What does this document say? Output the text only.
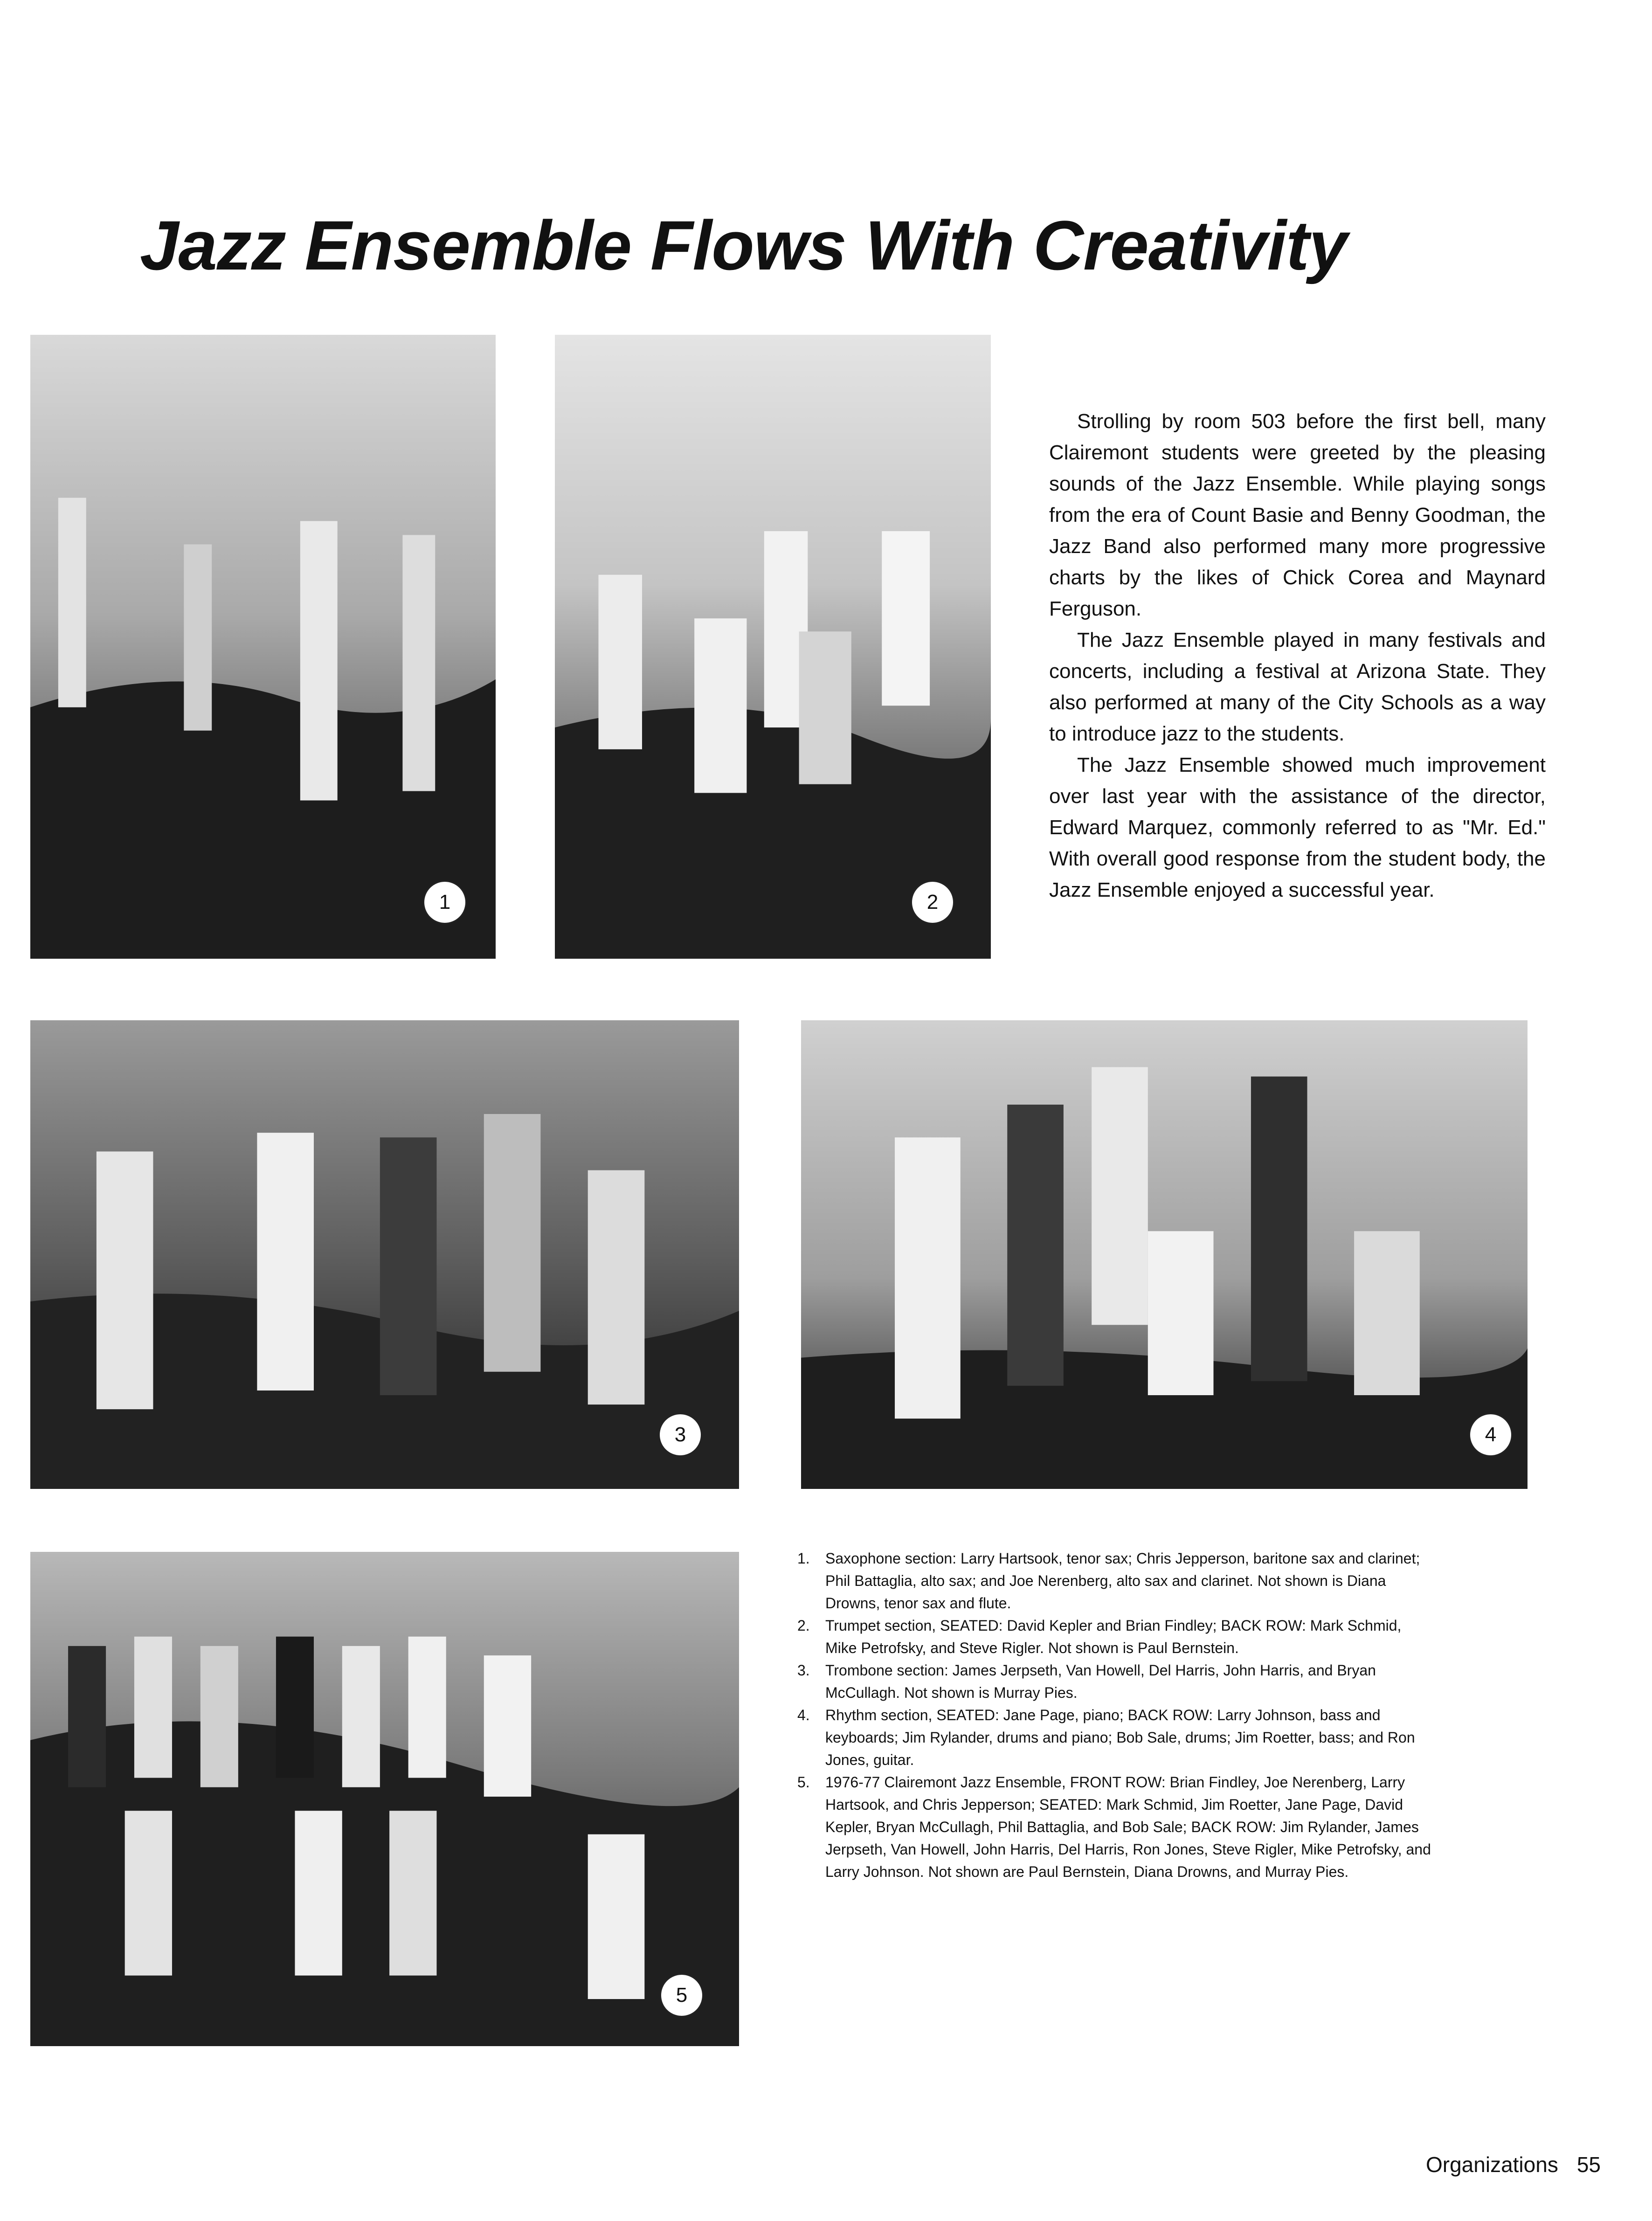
Jazz Ensemble Flows With Creativity
1	2
3	4
5

Strolling by room 503 before the first bell, many Clairemont students were greeted by the pleasing sounds of the Jazz Ensemble. While playing songs from the era of Count Basie and Benny Goodman, the Jazz Band also performed many more progressive charts by the likes of Chick Corea and Maynard Ferguson.

The Jazz Ensemble played in many festivals and concerts, including a festival at Arizona State. They also performed at many of the City Schools as a way to introduce jazz to the students.

The Jazz Ensemble showed much improvement over last year with the assistance of the director, Edward Marquez, commonly referred to as "Mr. Ed." With overall good response from the student body, the Jazz Ensemble enjoyed a successful year.

1. Saxophone section: Larry Hartsook, tenor sax; Chris Jepperson, baritone sax and clarinet; Phil Battaglia, alto sax; and Joe Nerenberg, alto sax and clarinet. Not shown is Diana Drowns, tenor sax and flute.
2. Trumpet section, SEATED: David Kepler and Brian Findley; BACK ROW: Mark Schmid, Mike Petrofsky, and Steve Rigler. Not shown is Paul Bernstein.
3. Trombone section: James Jerpseth, Van Howell, Del Harris, John Harris, and Bryan McCullagh. Not shown is Murray Pies.
4. Rhythm section, SEATED: Jane Page, piano; BACK ROW: Larry Johnson, bass and keyboards; Jim Rylander, drums and piano; Bob Sale, drums; Jim Roetter, bass; and Ron Jones, guitar.
5. 1976-77 Clairemont Jazz Ensemble, FRONT ROW: Brian Findley, Joe Nerenberg, Larry Hartsook, and Chris Jepperson; SEATED: Mark Schmid, Jim Roetter, Jane Page, David Kepler, Bryan McCullagh, Phil Battaglia, and Bob Sale; BACK ROW: Jim Rylander, James Jerpseth, Van Howell, John Harris, Del Harris, Ron Jones, Steve Rigler, Mike Petrofsky, and Larry Johnson. Not shown are Paul Bernstein, Diana Drowns, and Murray Pies.
Organizations 55
